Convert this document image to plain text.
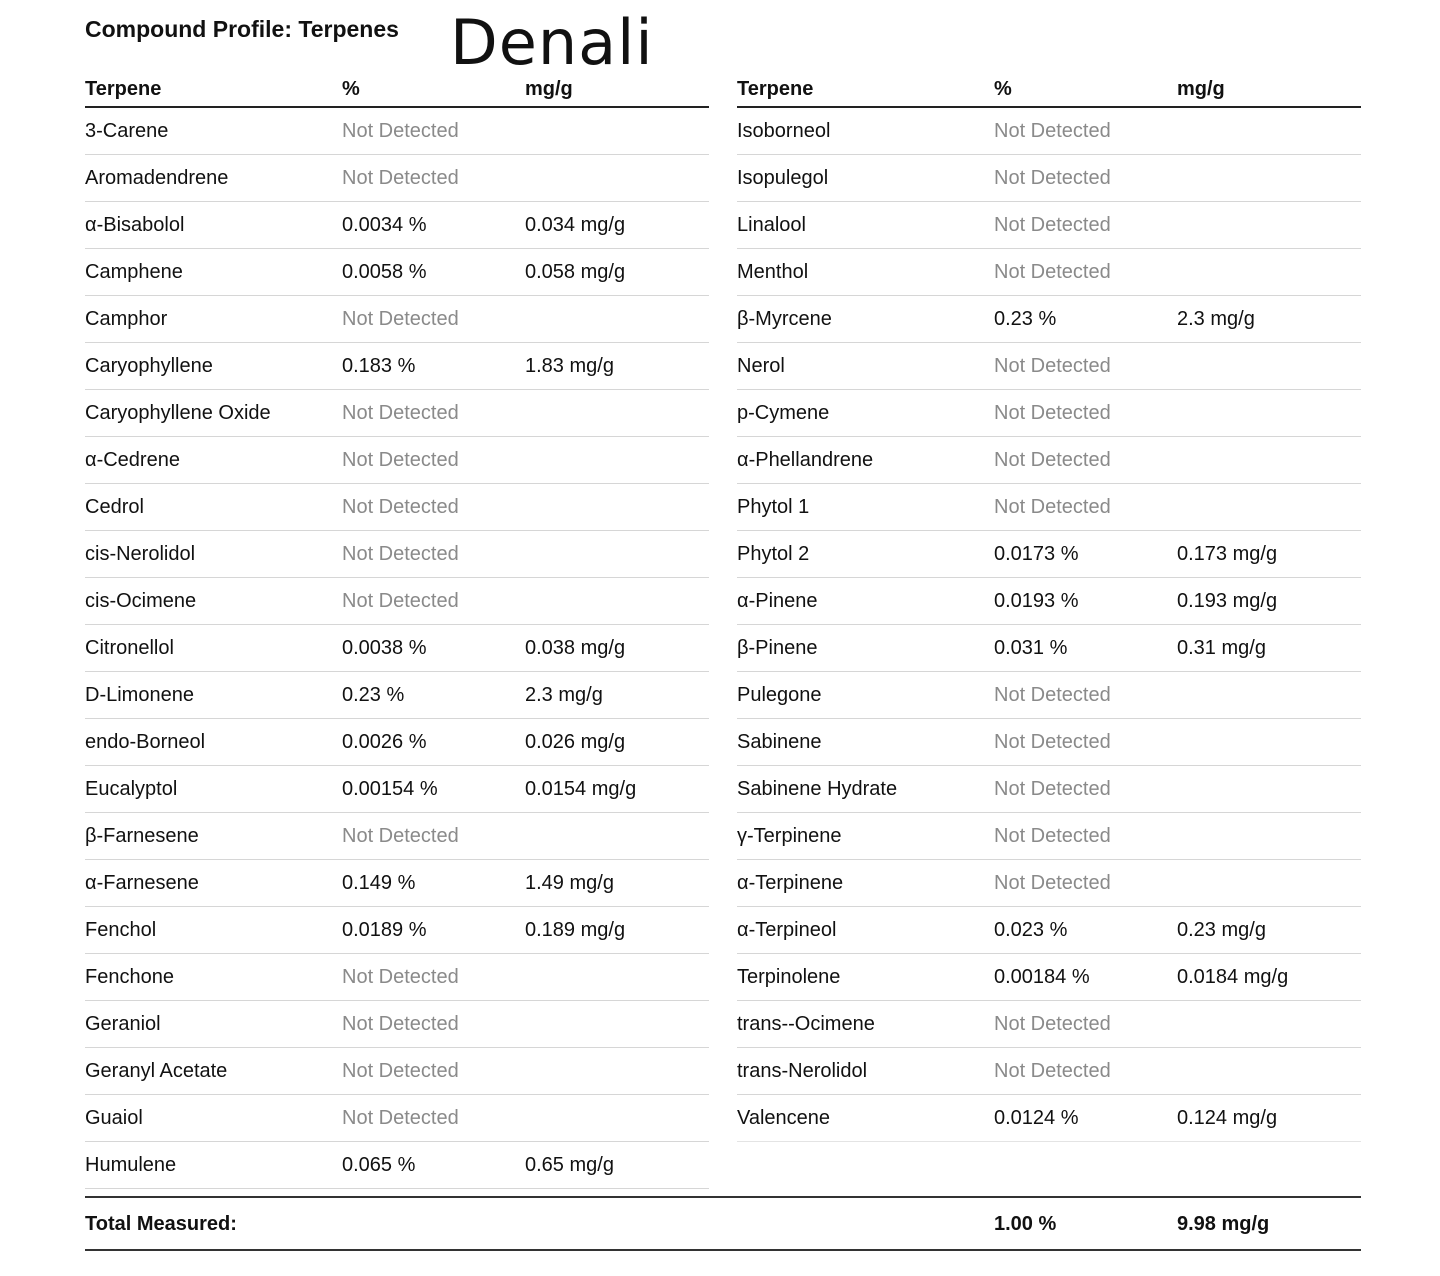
Compound Profile: Terpenes Denali
Terpene	%	mg/g
3-Carene	Not Detected
Aromadendrene	Not Detected
α-Bisabolol	0.0034 %	0.034 mg/g
Camphene	0.0058 %	0.058 mg/g
Camphor	Not Detected
Caryophyllene	0.183 %	1.83 mg/g
Caryophyllene Oxide	Not Detected
α-Cedrene	Not Detected
Cedrol	Not Detected
cis-Nerolidol	Not Detected
cis-Ocimene	Not Detected
Citronellol	0.0038 %	0.038 mg/g
D-Limonene	0.23 %	2.3 mg/g
endo-Borneol	0.0026 %	0.026 mg/g
Eucalyptol	0.00154 %	0.0154 mg/g
β-Farnesene	Not Detected
α-Farnesene	0.149 %	1.49 mg/g
Fenchol	0.0189 %	0.189 mg/g
Fenchone	Not Detected
Geraniol	Not Detected
Geranyl Acetate	Not Detected
Guaiol	Not Detected
Humulene	0.065 %	0.65 mg/g
Terpene	%	mg/g
Isoborneol	Not Detected
Isopulegol	Not Detected
Linalool	Not Detected
Menthol	Not Detected
β-Myrcene	0.23 %	2.3 mg/g
Nerol	Not Detected
p-Cymene	Not Detected
α-Phellandrene	Not Detected
Phytol 1	Not Detected
Phytol 2	0.0173 %	0.173 mg/g
α-Pinene	0.0193 %	0.193 mg/g
β-Pinene	0.031 %	0.31 mg/g
Pulegone	Not Detected
Sabinene	Not Detected
Sabinene Hydrate	Not Detected
γ-Terpinene	Not Detected
α-Terpinene	Not Detected
α-Terpineol	0.023 %	0.23 mg/g
Terpinolene	0.00184 %	0.0184 mg/g
trans--Ocimene	Not Detected
trans-Nerolidol	Not Detected
Valencene	0.0124 %	0.124 mg/g
Total Measured:	1.00 %	9.98 mg/g
